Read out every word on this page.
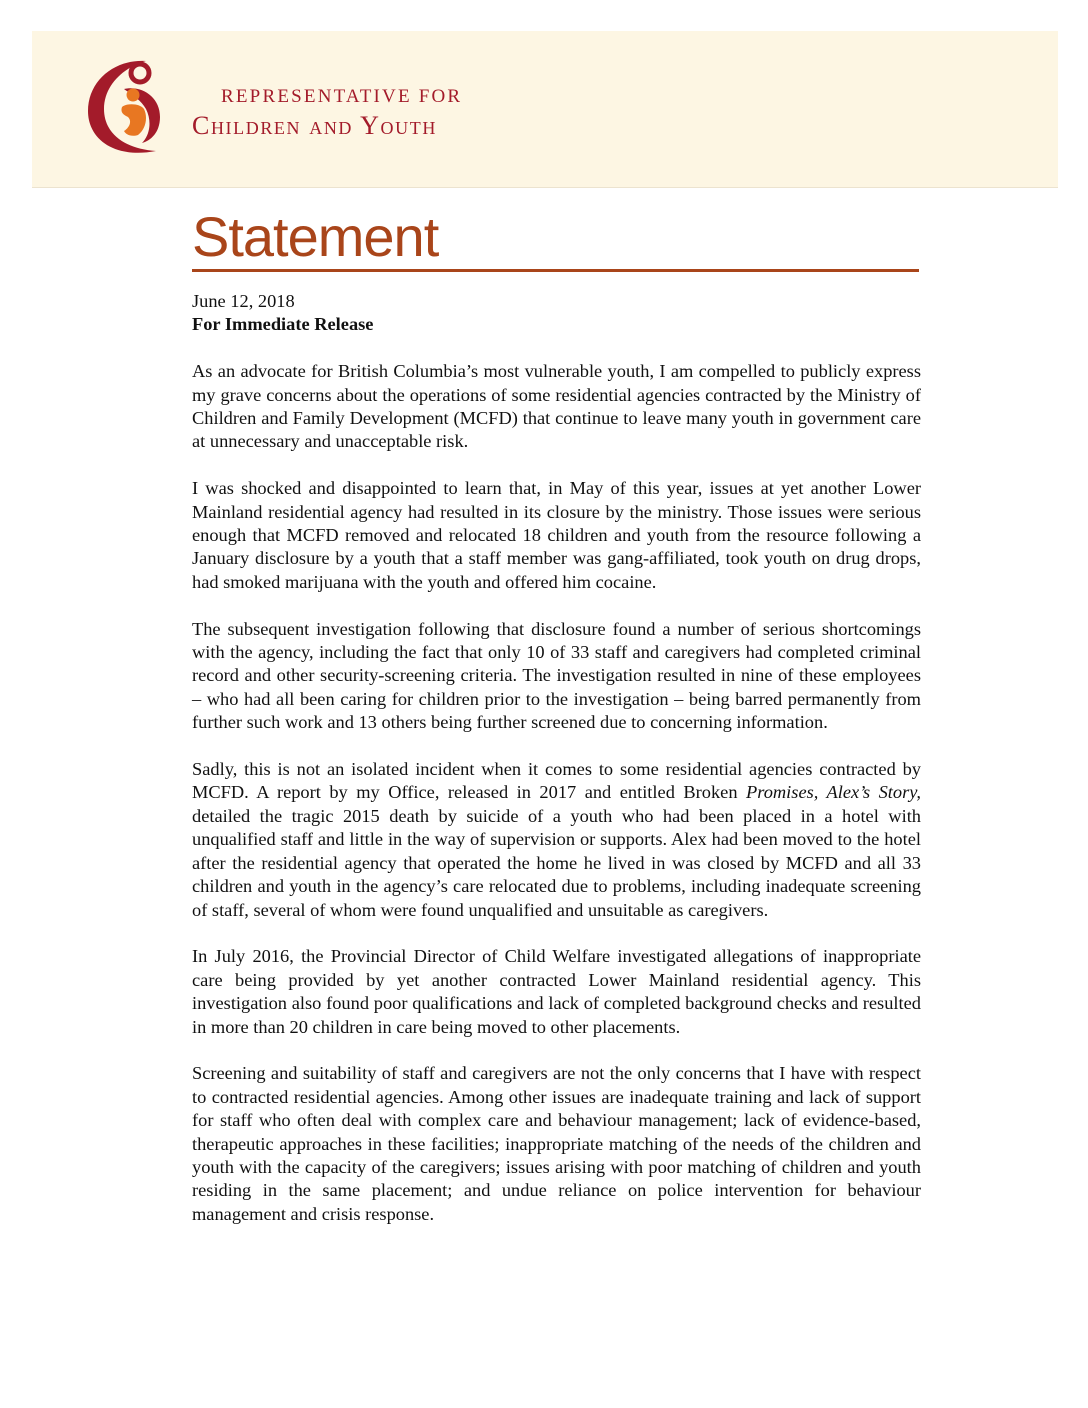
REPRESENTATIVE FOR
Children and Youth
Statement

June 12, 2018

For Immediate Release

As an advocate for British Columbia’s most vulnerable youth, I am compelled to publicly express my grave concerns about the operations of some residential agencies contracted by the Ministry of Children and Family Development (MCFD) that continue to leave many youth in government care at unnecessary and unacceptable risk.

I was shocked and disappointed to learn that, in May of this year, issues at yet another Lower Mainland residential agency had resulted in its closure by the ministry. Those issues were serious enough that MCFD removed and relocated 18 children and youth from the resource following a January disclosure by a youth that a staff member was gang-affiliated, took youth on drug drops, had smoked marijuana with the youth and offered him cocaine.

The subsequent investigation following that disclosure found a number of serious shortcomings with the agency, including the fact that only 10 of 33 staff and caregivers had completed criminal record and other security-screening criteria. The investigation resulted in nine of these employees – who had all been caring for children prior to the investigation – being barred permanently from further such work and 13 others being further screened due to concerning information.

Sadly, this is not an isolated incident when it comes to some residential agencies contracted by MCFD. A report by my Office, released in 2017 and entitled Broken Promises, Alex’s Story, detailed the tragic 2015 death by suicide of a youth who had been placed in a hotel with unqualified staff and little in the way of supervision or supports. Alex had been moved to the hotel after the residential agency that operated the home he lived in was closed by MCFD and all 33 children and youth in the agency’s care relocated due to problems, including inadequate screening of staff, several of whom were found unqualified and unsuitable as caregivers.

In July 2016, the Provincial Director of Child Welfare investigated allegations of inappropriate care being provided by yet another contracted Lower Mainland residential agency. This investigation also found poor qualifications and lack of completed background checks and resulted in more than 20 children in care being moved to other placements.

Screening and suitability of staff and caregivers are not the only concerns that I have with respect to contracted residential agencies. Among other issues are inadequate training and lack of support for staff who often deal with complex care and behaviour management; lack of evidence-based, therapeutic approaches in these facilities; inappropriate matching of the needs of the children and youth with the capacity of the caregivers; issues arising with poor matching of children and youth residing in the same placement; and undue reliance on police intervention for behaviour management and crisis response.
